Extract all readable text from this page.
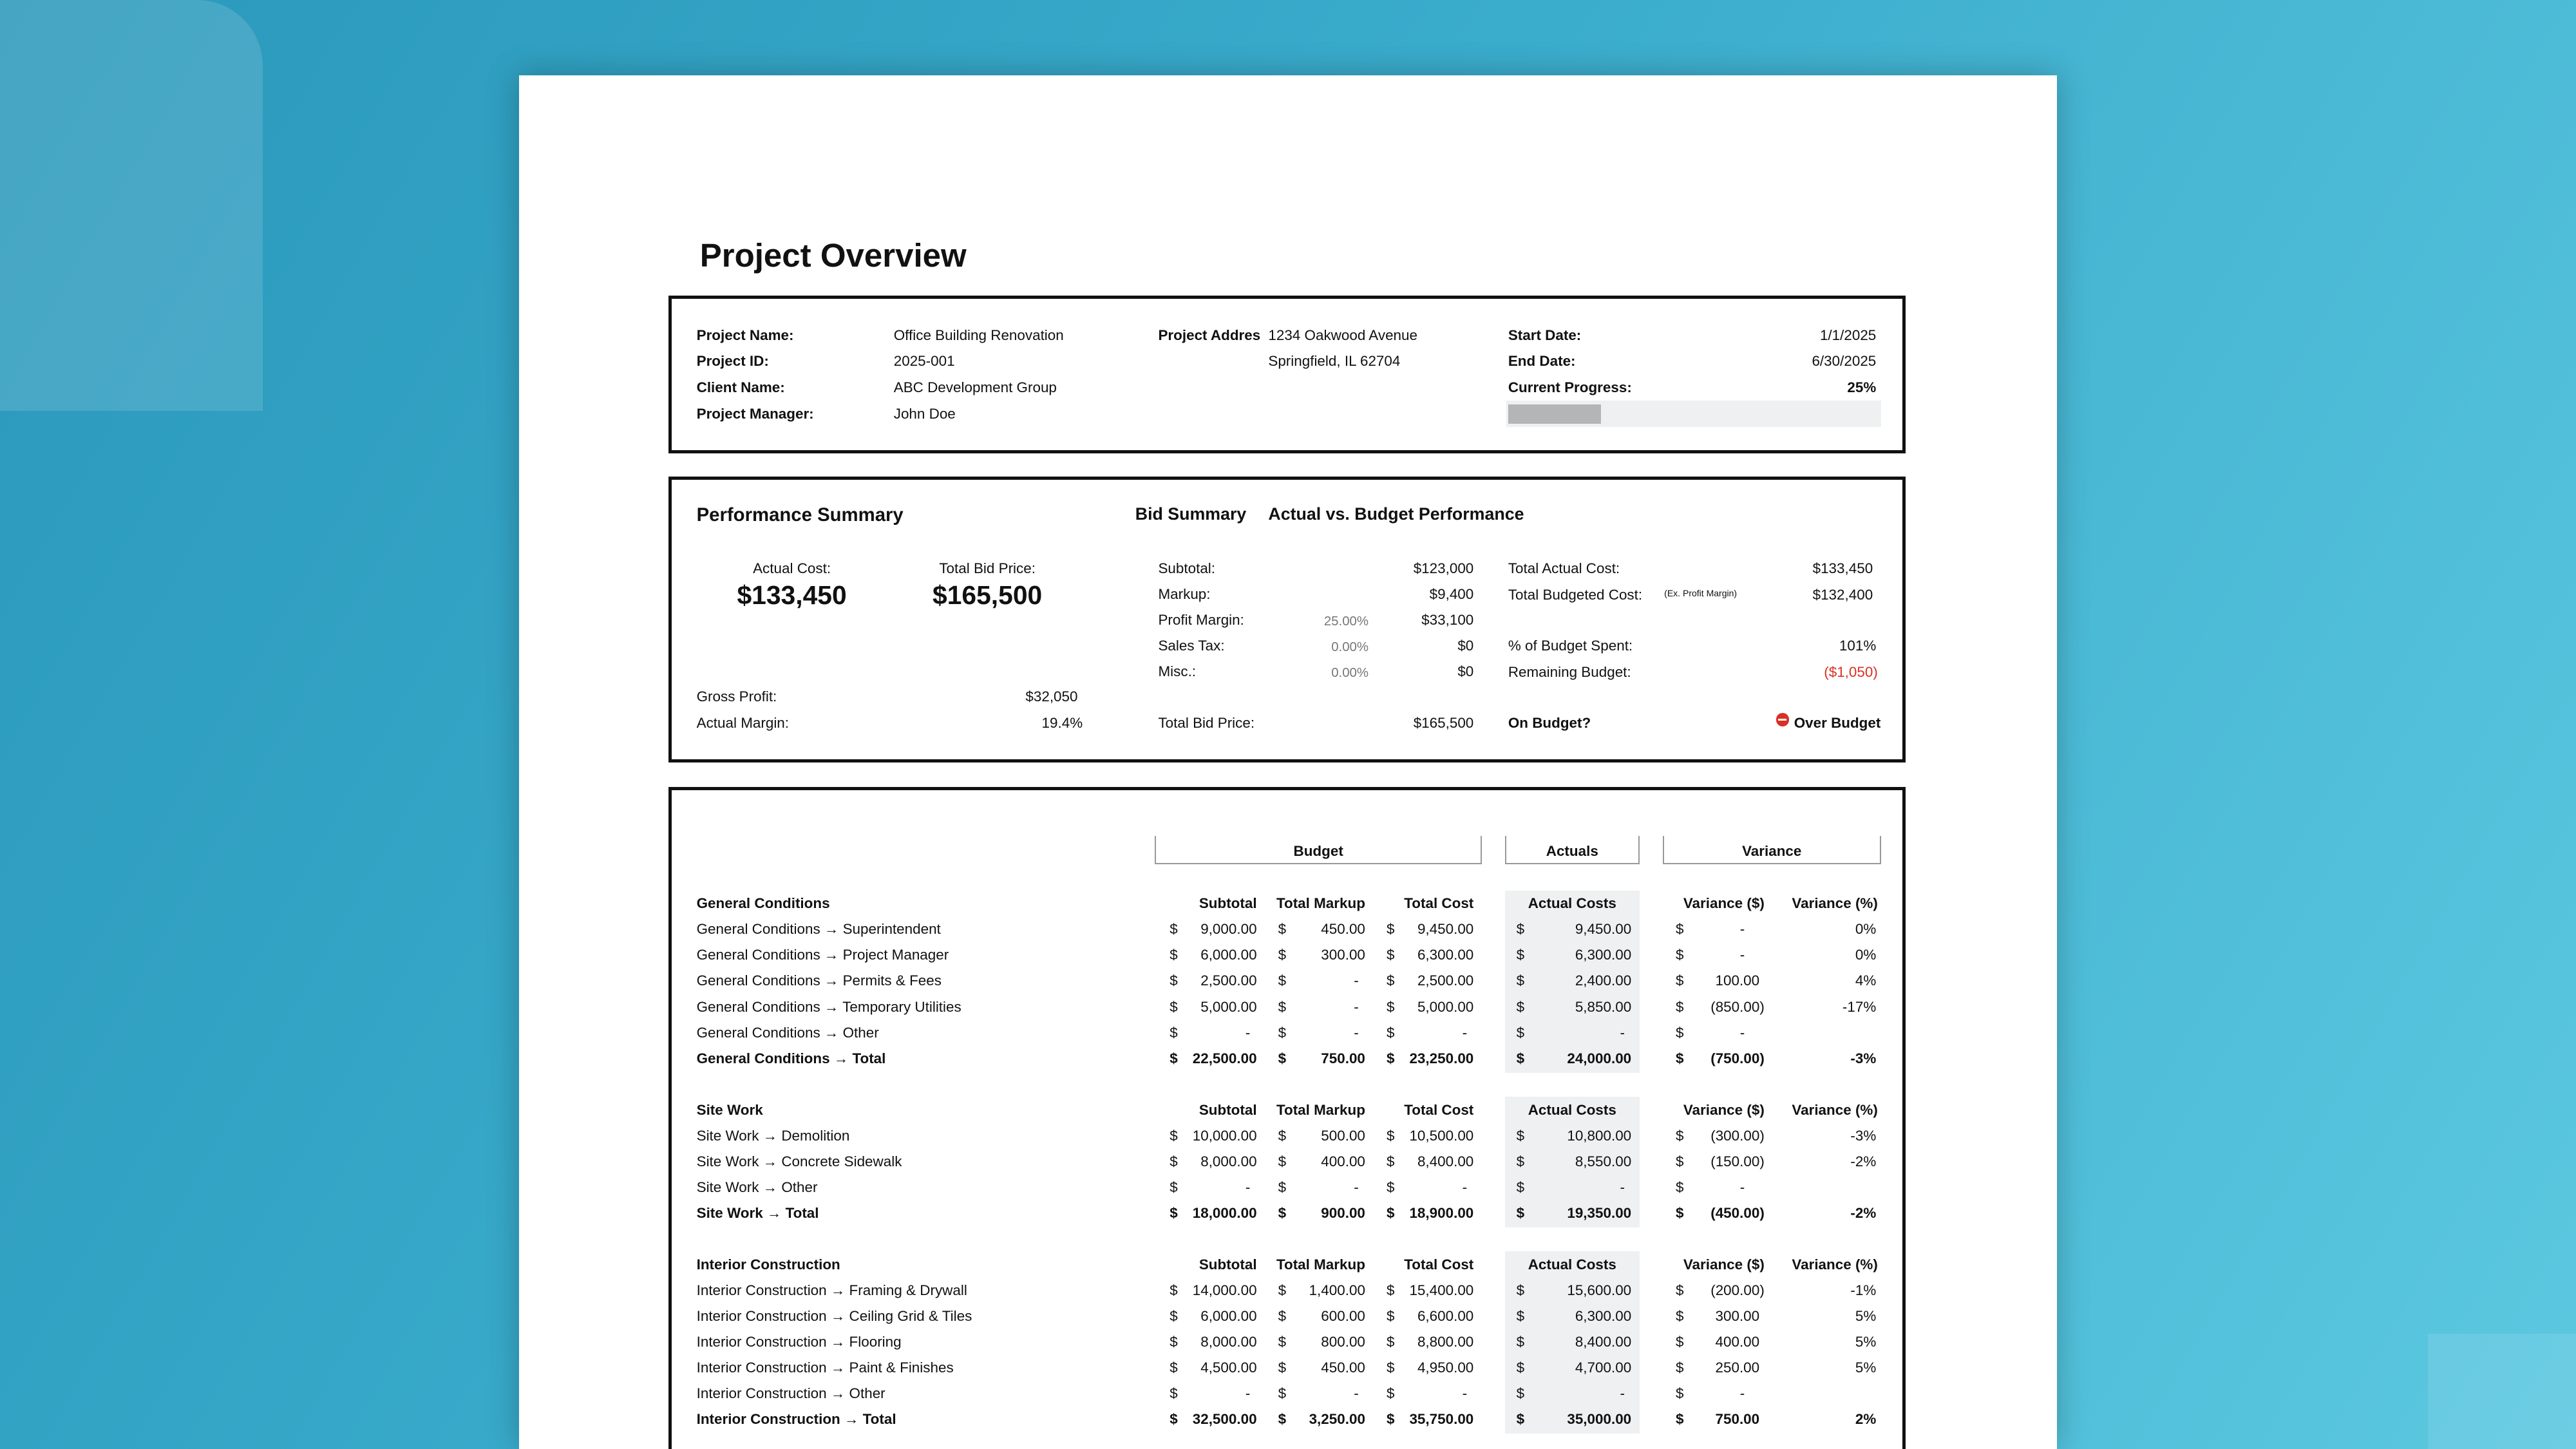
Project Overview
Project Name:	Office Building Renovation
Project ID:	2025-001
Client Name:	ABC Development Group
Project Manager:	John Doe
Project Addres 1234 Oakwood Avenue
Springfield, IL 62704
Start Date:	1/1/2025
End Date:	6/30/2025
Current Progress:	25%
Performance Summary	Bid Summary Actual vs. Budget Performance
Actual Cost:
$133,450
Total Bid Price:
$165,500
Gross Profit:	$32,050
Actual Margin:	19.4%
Subtotal:	$123,000
Markup:	$9,400
Profit Margin:	25.00%	$33,100
Sales Tax:	0.00%	$0
Misc.:	0.00%	$0
Total Bid Price:	$165,500
Total Actual Cost:	$133,450
Total Budgeted Cost: (Ex. Profit Margin)	$132,400
% of Budget Spent:	101%
Remaining Budget:	($1,050)
On Budget?	Over Budget
Budget	Actuals	Variance
General Conditions	Subtotal Total Markup	Total Cost	Actual Costs	Variance ($) Variance (%)
General Conditions → Superintendent	$ 9,000.00 $ 450.00 $ 9,450.00	$	9,450.00	$	-	0%
General Conditions → Project Manager	$ 6,000.00 $ 300.00 $ 6,300.00	$	6,300.00	$	-	0%
General Conditions → Permits & Fees	$ 2,500.00 $	- $ 2,500.00	$	2,400.00	$ 100.00	4%
General Conditions → Temporary Utilities	$ 5,000.00 $	- $ 5,000.00	$	5,850.00	$ (850.00)	-17%
General Conditions → Other	$	- $	- $	-	$	-	$	-
General Conditions → Total	$ 22,500.00 $ 750.00 $ 23,250.00	$	24,000.00	$ (750.00)	-3%
Site Work	Subtotal Total Markup	Total Cost	Actual Costs	Variance ($) Variance (%)
Site Work → Demolition	$ 10,000.00 $ 500.00 $ 10,500.00	$	10,800.00	$ (300.00)	-3%
Site Work → Concrete Sidewalk	$ 8,000.00 $ 400.00 $ 8,400.00	$	8,550.00	$ (150.00)	-2%
Site Work → Other	$	- $	- $	-	$	-	$	-
Site Work → Total	$ 18,000.00 $ 900.00 $ 18,900.00	$	19,350.00	$ (450.00)	-2%
Interior Construction	Subtotal Total Markup	Total Cost	Actual Costs	Variance ($) Variance (%)
Interior Construction → Framing & Drywall	$ 14,000.00 $ 1,400.00 $ 15,400.00	$	15,600.00	$ (200.00)	-1%
Interior Construction → Ceiling Grid & Tiles	$ 6,000.00 $ 600.00 $ 6,600.00	$	6,300.00	$ 300.00	5%
Interior Construction → Flooring	$ 8,000.00 $ 800.00 $ 8,800.00	$	8,400.00	$ 400.00	5%
Interior Construction → Paint & Finishes	$ 4,500.00 $ 450.00 $ 4,950.00	$	4,700.00	$ 250.00	5%
Interior Construction → Other	$	- $	- $	-	$	-	$	-
Interior Construction → Total	$ 32,500.00 $ 3,250.00 $ 35,750.00	$	35,000.00	$ 750.00	2%
